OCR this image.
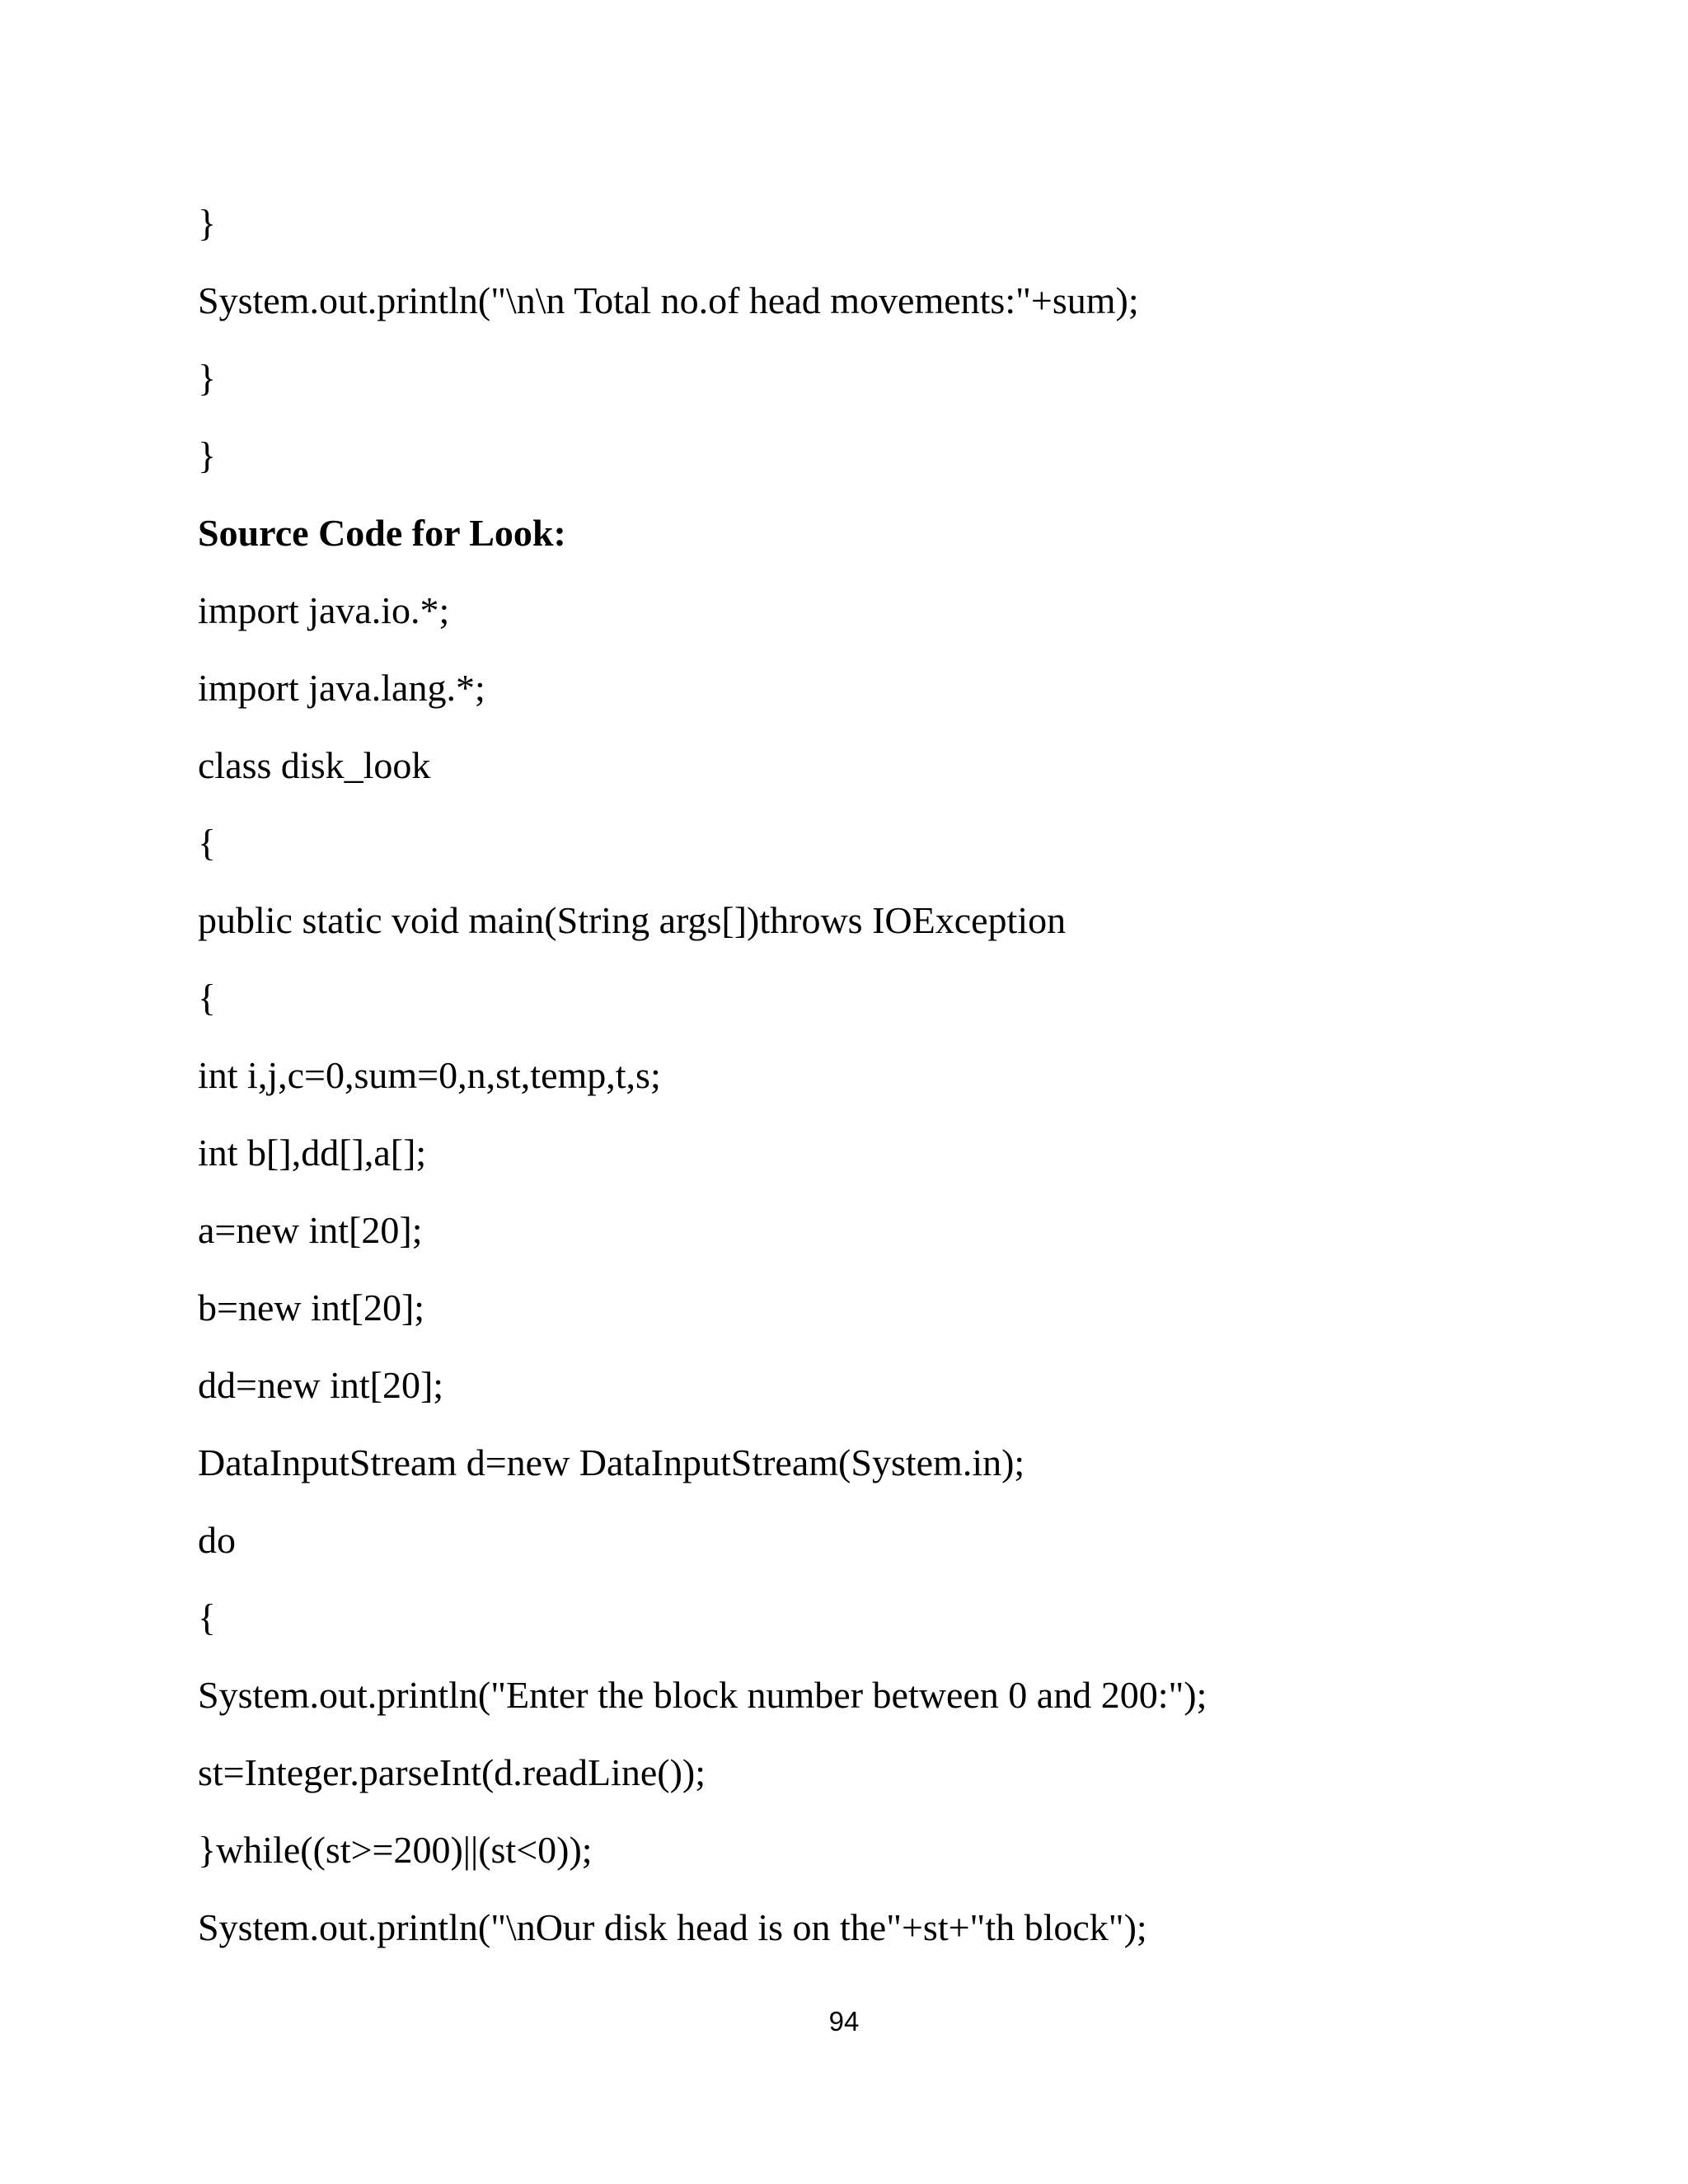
}
System.out.println("\n\n Total no.of head movements:"+sum);
}
}
Source Code for Look:
import java.io.*;
import java.lang.*;
class disk_look
{
public static void main(String args[])throws IOException
{
int i,j,c=0,sum=0,n,st,temp,t,s;
int b[],dd[],a[];
a=new int[20];
b=new int[20];
dd=new int[20];
DataInputStream d=new DataInputStream(System.in);
do
{
System.out.println("Enter the block number between 0 and 200:");
st=Integer.parseInt(d.readLine());
}while((st>=200)||(st<0));
System.out.println("\nOur disk head is on the"+st+"th block");
94
